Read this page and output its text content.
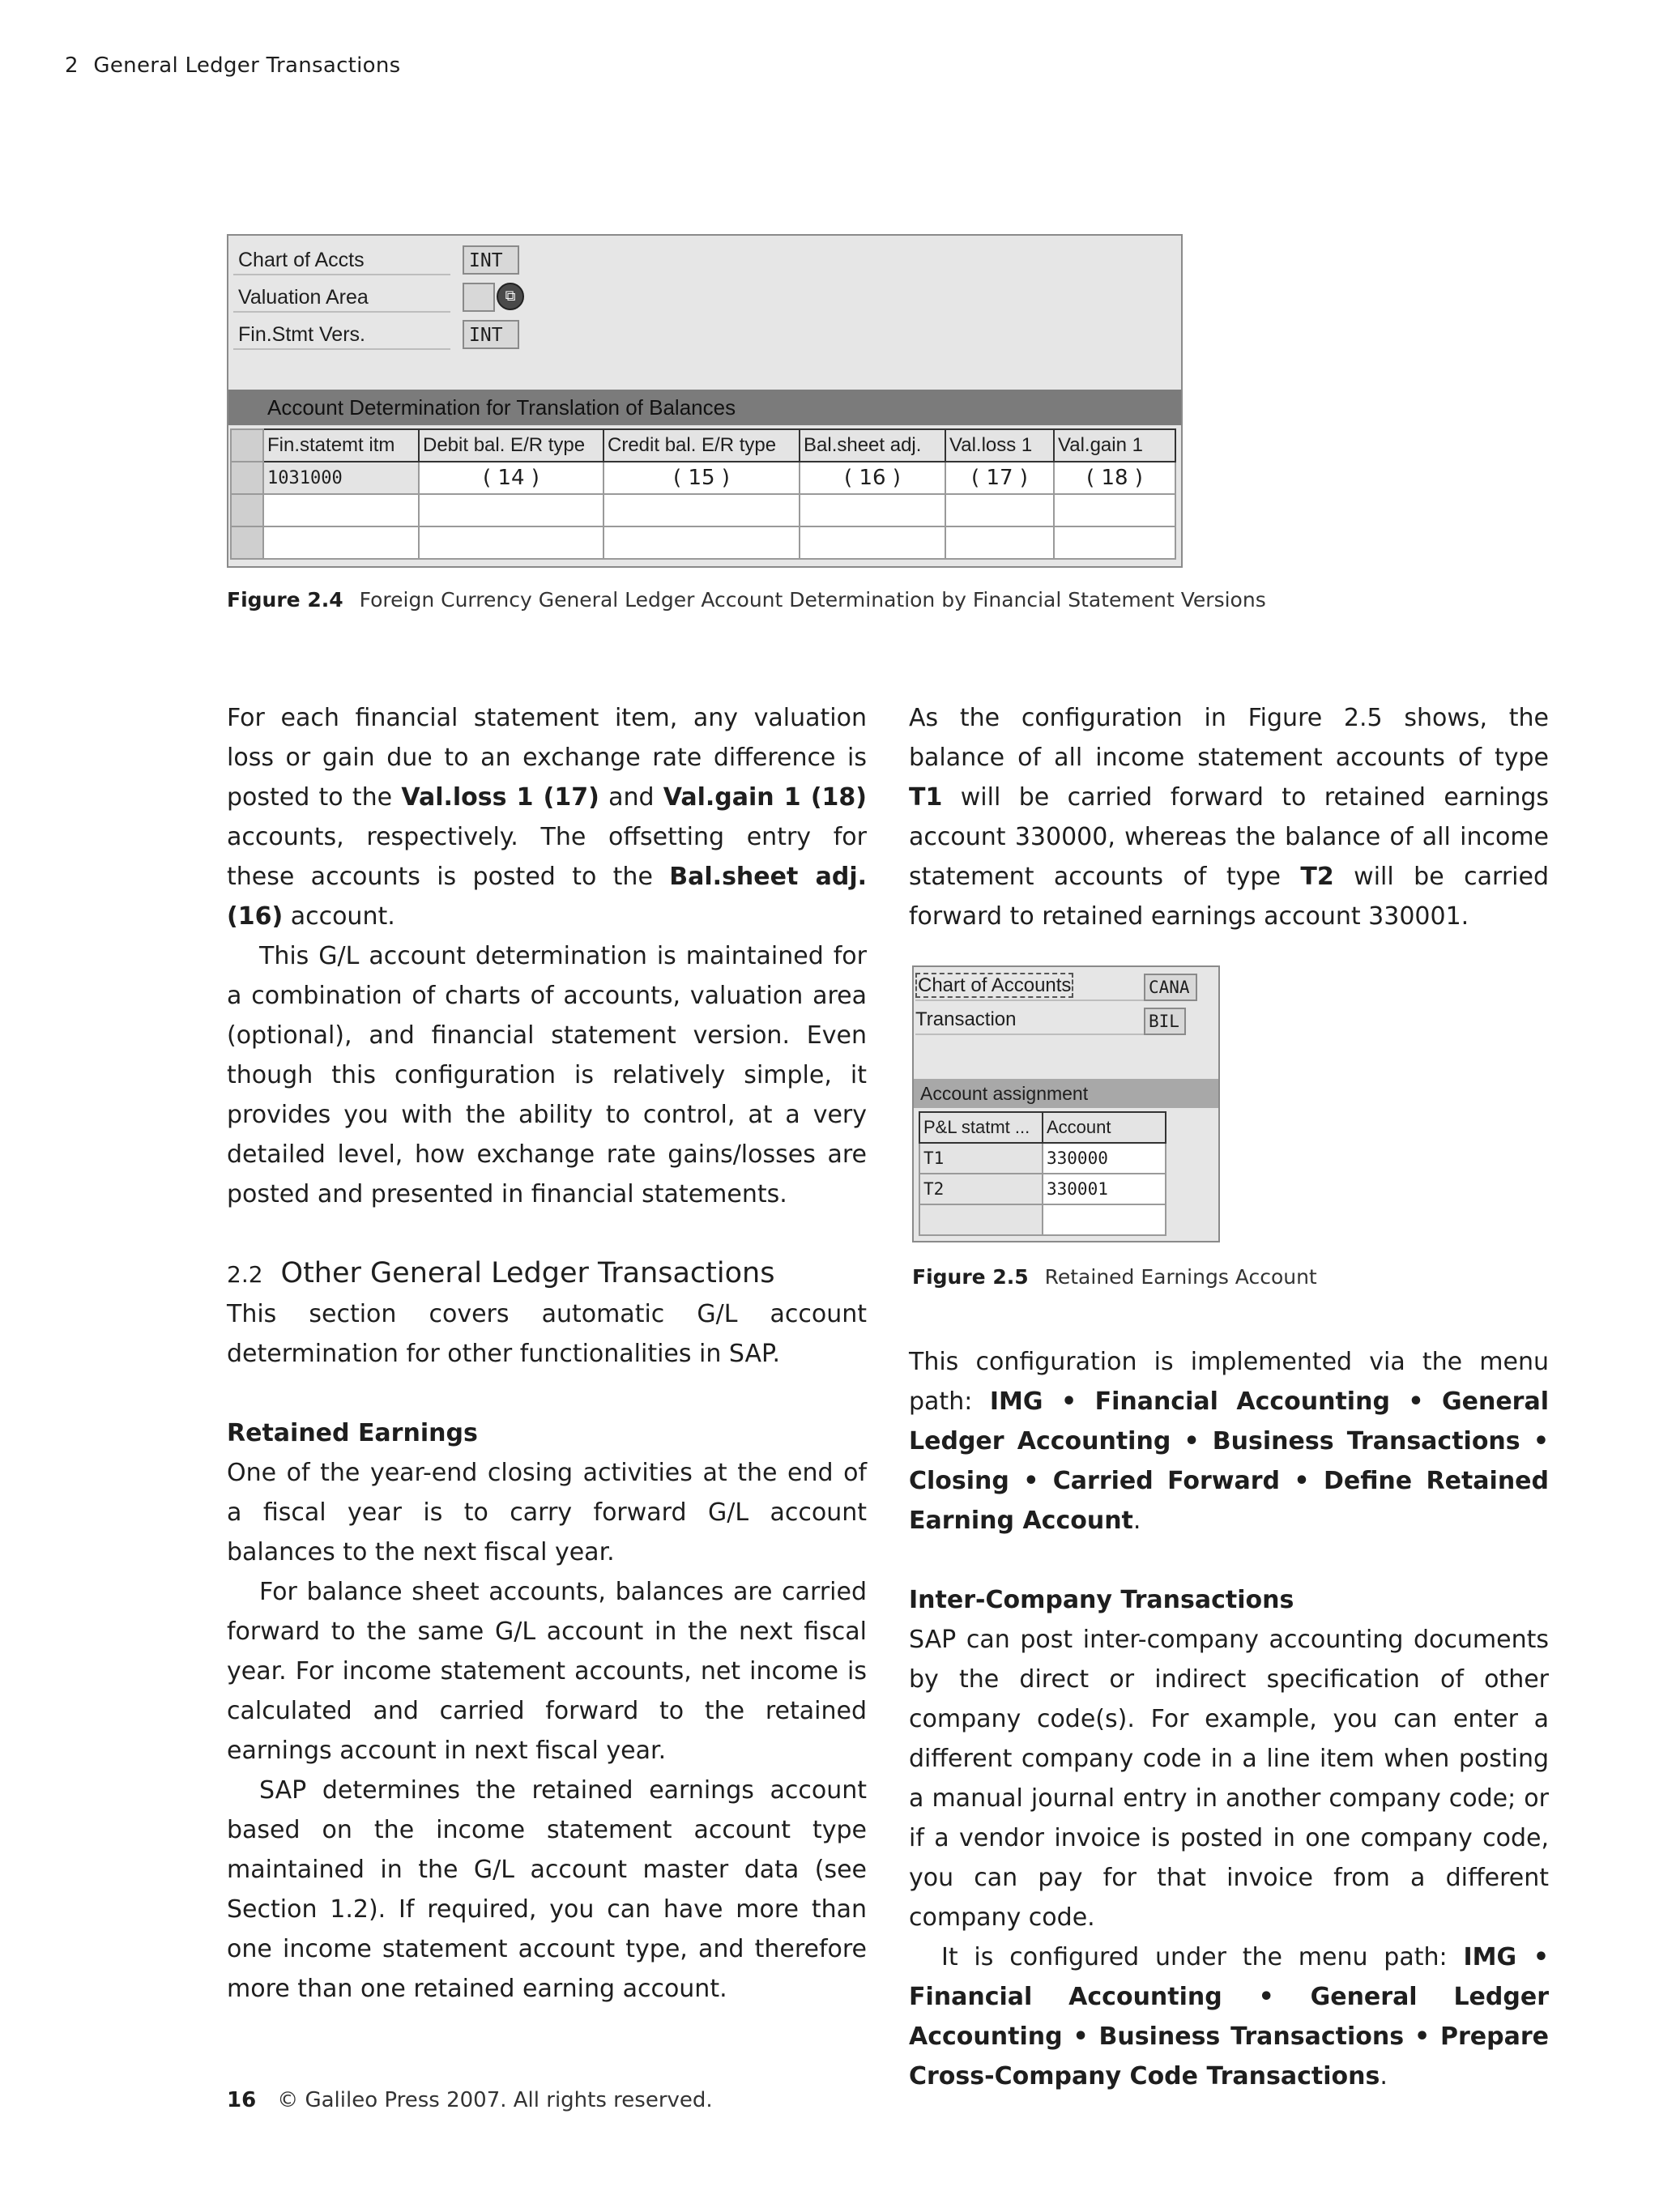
2 General Ledger Transactions
Chart of Accts	INT
Valuation Area	⧉
Fin.Stmt Vers.	INT
Account Determination for Translation of Balances
	Fin.statemt itm	Debit bal. E/R type	Credit bal. E/R type	Bal.sheet adj.	Val.loss 1	Val.gain 1
	1031000	( 14 )	( 15 )	( 16 )	( 17 )	( 18 )

Figure 2.4 Foreign Currency General Ledger Account Determination by Financial Statement Versions

For each financial statement item, any valuation loss or gain due to an exchange rate difference is posted to the Val.loss 1 (17) and Val.gain 1 (18) accounts, respectively. The offsetting entry for these accounts is posted to the Bal.sheet adj. (16) account.

This G/L account determination is maintained for a combination of charts of accounts, valuation area (optional), and financial statement version. Even though this configuration is relatively simple, it provides you with the ability to control, at a very detailed level, how exchange rate gains/losses are posted and presented in financial statements.

2.2 Other General Ledger Transactions

This section covers automatic G/L account determination for other functionalities in SAP.

Retained Earnings

One of the year-end closing activities at the end of a fiscal year is to carry forward G/L account balances to the next fiscal year.

For balance sheet accounts, balances are carried forward to the same G/L account in the next fiscal year. For income statement accounts, net income is calculated and carried forward to the retained earnings account in next fiscal year.

SAP determines the retained earnings account based on the income statement account type maintained in the G/L account master data (see Section 1.2). If required, you can have more than one income statement account type, and therefore more than one retained earning account.

As the configuration in Figure 2.5 shows, the balance of all income statement accounts of type T1 will be carried forward to retained earnings account 330000, whereas the balance of all income statement accounts of type T2 will be carried forward to retained earnings account 330001.

Chart of Accounts	CANA
Transaction	BIL
Account assignment
P&L statmt ...	Account
T1	330000
T2	330001

Figure 2.5 Retained Earnings Account

This configuration is implemented via the menu path: IMG • Financial Accounting • General Ledger Accounting • Business Transactions • Closing • Carried Forward • Define Retained Earning Account.

Inter-Company Transactions

SAP can post inter-company accounting documents by the direct or indirect specification of other company code(s). For example, you can enter a different company code in a line item when posting a manual journal entry in another company code; or if a vendor invoice is posted in one company code, you can pay for that invoice from a different company code.

It is configured under the menu path: IMG • Financial Accounting • General Ledger Accounting • Business Transactions • Prepare Cross-Company Code Transactions.

16 © Galileo Press 2007. All rights reserved.
